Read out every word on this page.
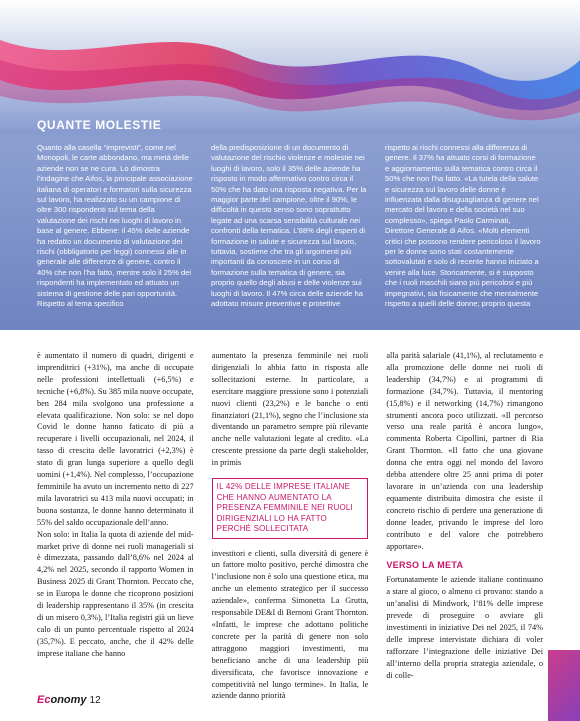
QUANTE MOLESTIE

Quanto alla casella “imprevisti”, come nel Monopoli, le carte abbondano, ma metà delle aziende non se ne cura. Lo dimostra l’indagine che Aifos, la principale associazione italiana di operatori e formatori sulla sicurezza sul lavoro, ha realizzato su un campione di oltre 300 rispondenti sul tema della valutazione dei rischi nei luoghi di lavoro in base al genere. Ebbene: il 45% delle aziende ha redatto un documento di valutazione dei rischi (obbligatorio per leggi) connessi alle in generale alle differenze di genere, contro il 40% che non l’ha fatto, mentre solo il 25% dei rispondenti ha implementato ed attuato un sistema di gestione delle pari opportunità. Rispetto al tema specifico

della predisposizione di un documento di valutazione del rischio violenze e molestie nei luoghi di lavoro, solo il 35% delle aziende ha risposto in modo affermativo contro circa il 50% che ha dato una risposta negativa. Per la maggior parte del campione, oltre il 90%, le difficoltà in questo senso sono soprattutto legate ad una scarsa sensibilità culturale nei confronti della tematica. L’88% degli esperti di formazione in salute e sicurezza sul lavoro, tuttavia, sostiene che tra gli argomenti più importanti da conoscere in un corso di formazione sulla tematica di genere, sia proprio quello degli abusi e delle violenze sui luoghi di lavoro. Il 47% circa delle aziende ha adottato misure preventive e protettive

rispetto ai rischi connessi alla differenza di genere. Il 37% ha attuato corsi di formazione e aggiornamento sulla tematica contro circa il 50% che non l’ha fatto. «La tutela della salute e sicurezza sul lavoro delle donne è influenzata dalla disuguaglianza di genere nel mercato del lavoro e della società nel suo complesso», spiega Paolo Carminati, Direttore Generale di Aifos. «Molti elementi critici che possono rendere pericoloso il lavoro per le donne sono stati costantemente sottovalutati e solo di recente hanno iniziato a venire alla luce. Storicamente, si è supposto che i ruoli maschili siano più pericolosi e più impegnativi, sia fisicamente che mentalmente rispetto a quelli delle donne; proprio questa

è aumentato il numero di quadri, dirigenti e imprenditrici (+31%), ma anche di occupate nelle professioni intellettuali (+6,5%) e tecniche (+6,8%). Su 385 mila nuove occupate, ben 284 mila svolgono una professione a elevata qualificazione. Non solo: se nel dopo Covid le donne hanno faticato di più a recuperare i livelli occupazionali, nel 2024, il tasso di crescita delle lavoratrici (+2,3%) è stato di gran lunga superiore a quello degli uomini (+1,4%). Nel complesso, l’occupazione femminile ha avuto un incremento netto di 227 mila lavoratrici su 413 mila nuovi occupati; in buona sostanza, le donne hanno determinato il 55% del saldo occupazionale dell’anno.

Non solo: in Italia la quota di aziende del mid-market prive di donne nei ruoli manageriali si è dimezzata, passando dall’8,6% nel 2024 al 4,2% nel 2025, secondo il rapporto Women in Business 2025 di Grant Thornton. Peccato che, se in Europa le donne che ricoprono posizioni di leadership rappresentano il 35% (in crescita di un misero 0,3%), l’Italia registri già un lieve calo di un punto percentuale rispetto al 2024 (35,7%). E peccato, anche, che il 42% delle imprese italiane che hanno

aumentato la presenza femminile nei ruoli dirigenziali lo abbia fatto in risposta alle sollecitazioni esterne. In particolare, a esercitare maggiore pressione sono i potenziali nuovi clienti (23,2%) e le banche o enti finanziatori (21,1%), segno che l’inclusione sta diventando un parametro sempre più rilevante anche nelle valutazioni legate al credito. «La crescente pressione da parte degli stakeholder, in primis

IL 42% DELLE IMPRESE ITALIANE CHE HANNO AUMENTATO LA PRESENZA FEMMINILE NEI RUOLI DIRIGENZIALI LO HA FATTO PERCHÉ SOLLECITATA

investitori e clienti, sulla diversità di genere è un fattore molto positivo, perché dimostra che l’inclusione non è solo una questione etica, ma anche un elemento strategico per il successo aziendale», conferma Simonetta La Grutta, responsabile DE&I di Bernoni Grant Thornton. «Infatti, le imprese che adottano politiche concrete per la parità di genere non solo attraggono maggiori investimenti, ma beneficiano anche di una leadership più diversificata, che favorisce innovazione e competitività nel lungo termine». In Italia, le aziende danno priorità

alla parità salariale (41,1%), al reclutamento e alla promozione delle donne nei ruoli di leadership (34,7%) e ai programmi di formazione (34,7%). Tuttavia, il mentoring (15,8%) e il networking (14,7%) rimangono strumenti ancora poco utilizzati. «Il percorso verso una reale parità è ancora lungo», commenta Roberta Cipollini, partner di Ria Grant Thornton. «Il fatto che una giovane donna che entra oggi nel mondo del lavoro debba attendere oltre 25 anni prima di poter lavorare in un’azienda con una leadership equamente distribuita dimostra che esiste il concreto rischio di perdere una generazione di donne leader, privando le imprese del loro contributo e del valore che potrebbero apportare».

VERSO LA META

Fortunatamente le aziende italiane continuano a stare al gioco, o almeno ci provano: stando a un’analisi di Mindwork, l’81% delle imprese prevede di proseguire o avviare gli investimenti in iniziative Dei nel 2025, il 74% delle imprese intervistate dichiara di voler rafforzare l’integrazione delle iniziative Dei all’interno della propria strategia aziendale, o di colle-

Economy 12
